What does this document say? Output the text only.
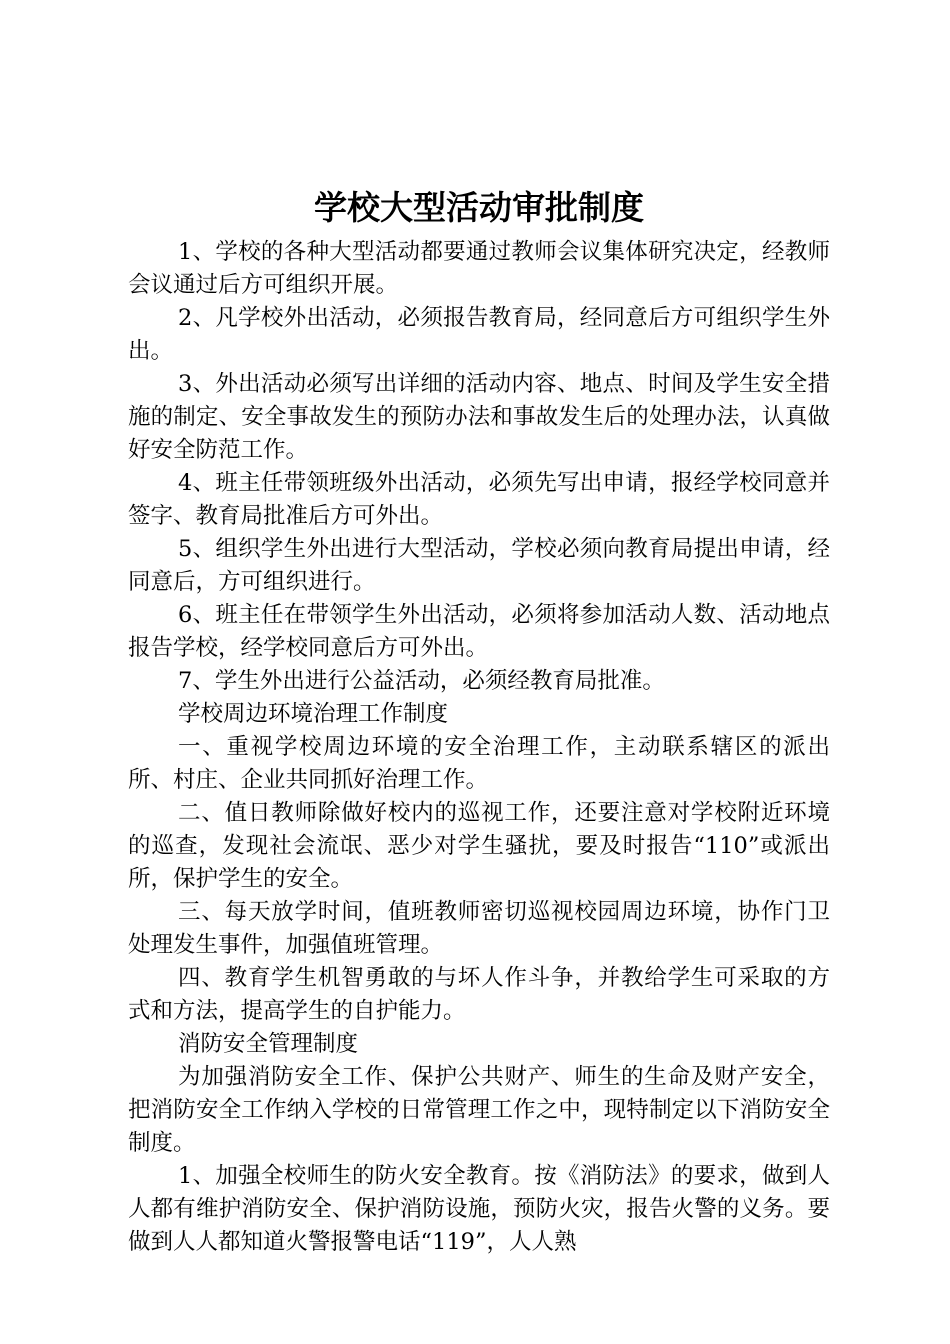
学校大型活动审批制度

1、学校的各种大型活动都要通过教师会议集体研究决定，经教师会议通过后方可组织开展。

2、凡学校外出活动，必须报告教育局，经同意后方可组织学生外出。

3、外出活动必须写出详细的活动内容、地点、时间及学生安全措施的制定、安全事故发生的预防办法和事故发生后的处理办法，认真做好安全防范工作。

4、班主任带领班级外出活动，必须先写出申请，报经学校同意并签字、教育局批准后方可外出。

5、组织学生外出进行大型活动，学校必须向教育局提出申请，经同意后，方可组织进行。

6、班主任在带领学生外出活动，必须将参加活动人数、活动地点报告学校，经学校同意后方可外出。

7、学生外出进行公益活动，必须经教育局批准。

学校周边环境治理工作制度

一、重视学校周边环境的安全治理工作，主动联系辖区的派出所、村庄、企业共同抓好治理工作。

二、值日教师除做好校内的巡视工作，还要注意对学校附近环境的巡查，发现社会流氓、恶少对学生骚扰，要及时报告“110”或派出所，保护学生的安全。

三、每天放学时间，值班教师密切巡视校园周边环境，协作门卫处理发生事件，加强值班管理。

四、教育学生机智勇敢的与坏人作斗争，并教给学生可采取的方式和方法，提高学生的自护能力。

消防安全管理制度

为加强消防安全工作、保护公共财产、师生的生命及财产安全，把消防安全工作纳入学校的日常管理工作之中，现特制定以下消防安全制度。

1、加强全校师生的防火安全教育。按《消防法》的要求，做到人人都有维护消防安全、保护消防设施，预防火灾，报告火警的义务。要做到人人都知道火警报警电话“119”，人人熟
